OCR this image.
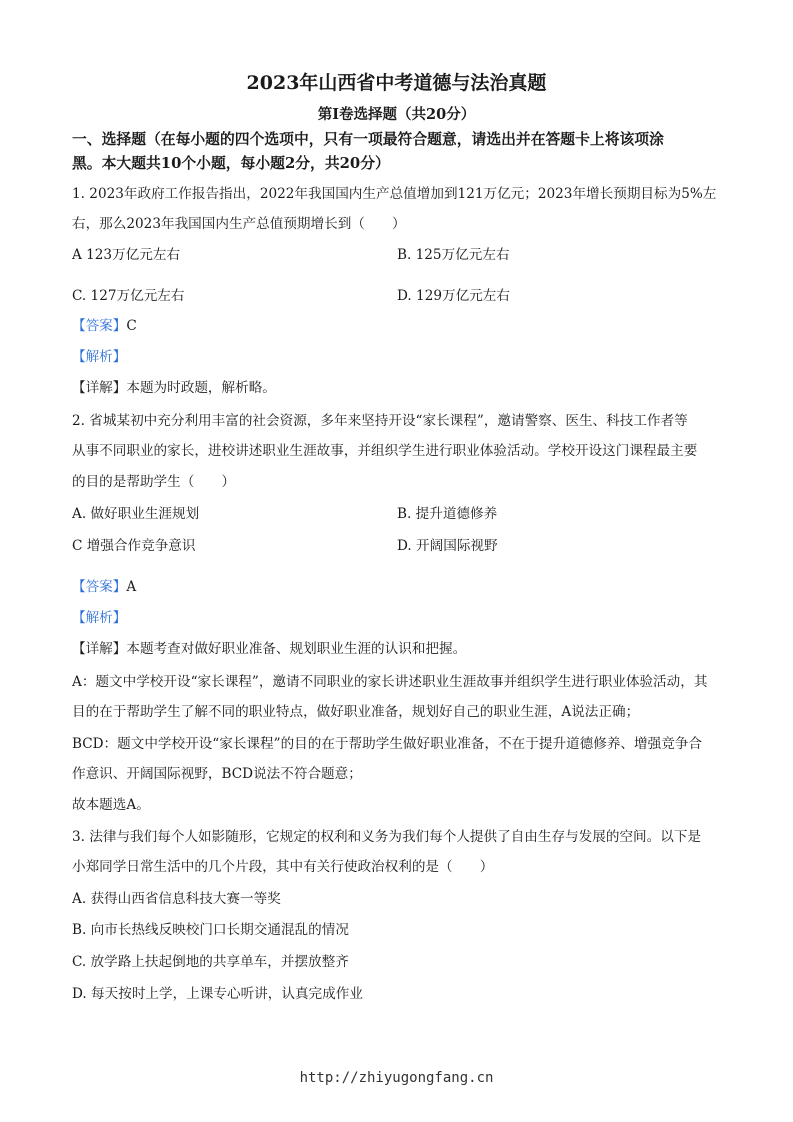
2023年山西省中考道德与法治真题
第Ⅰ卷选择题（共20分）
一、选择题（在每小题的四个选项中，只有一项最符合题意，请选出并在答题卡上将该项涂
黑。本大题共10个小题，每小题2分，共20分）
1. 2023年政府工作报告指出，2022年我国国内生产总值增加到121万亿元；2023年增长预期目标为5%左
右，那么2023年我国国内生产总值预期增长到（　　）
A 123万亿元左右	B. 125万亿元左右
C. 127万亿元左右	D. 129万亿元左右
【答案】C
【解析】
【详解】本题为时政题，解析略。
2. 省城某初中充分利用丰富的社会资源，多年来坚持开设“家长课程”，邀请警察、医生、科技工作者等
从事不同职业的家长，进校讲述职业生涯故事，并组织学生进行职业体验活动。学校开设这门课程最主要
的目的是帮助学生（　　）
A. 做好职业生涯规划	B. 提升道德修养
C 增强合作竞争意识	D. 开阔国际视野
【答案】A
【解析】
【详解】本题考查对做好职业准备、规划职业生涯的认识和把握。
A：题文中学校开设“家长课程”，邀请不同职业的家长讲述职业生涯故事并组织学生进行职业体验活动，其
目的在于帮助学生了解不同的职业特点，做好职业准备，规划好自己的职业生涯，A说法正确；
BCD：题文中学校开设“家长课程”的目的在于帮助学生做好职业准备，不在于提升道德修养、增强竞争合
作意识、开阔国际视野，BCD说法不符合题意；
故本题选A。
3. 法律与我们每个人如影随形，它规定的权利和义务为我们每个人提供了自由生存与发展的空间。以下是
小郑同学日常生活中的几个片段，其中有关行使政治权利的是（　　）
A. 获得山西省信息科技大赛一等奖
B. 向市长热线反映校门口长期交通混乱的情况
C. 放学路上扶起倒地的共享单车，并摆放整齐
D. 每天按时上学，上课专心听讲，认真完成作业
http://zhiyugongfang.cn
